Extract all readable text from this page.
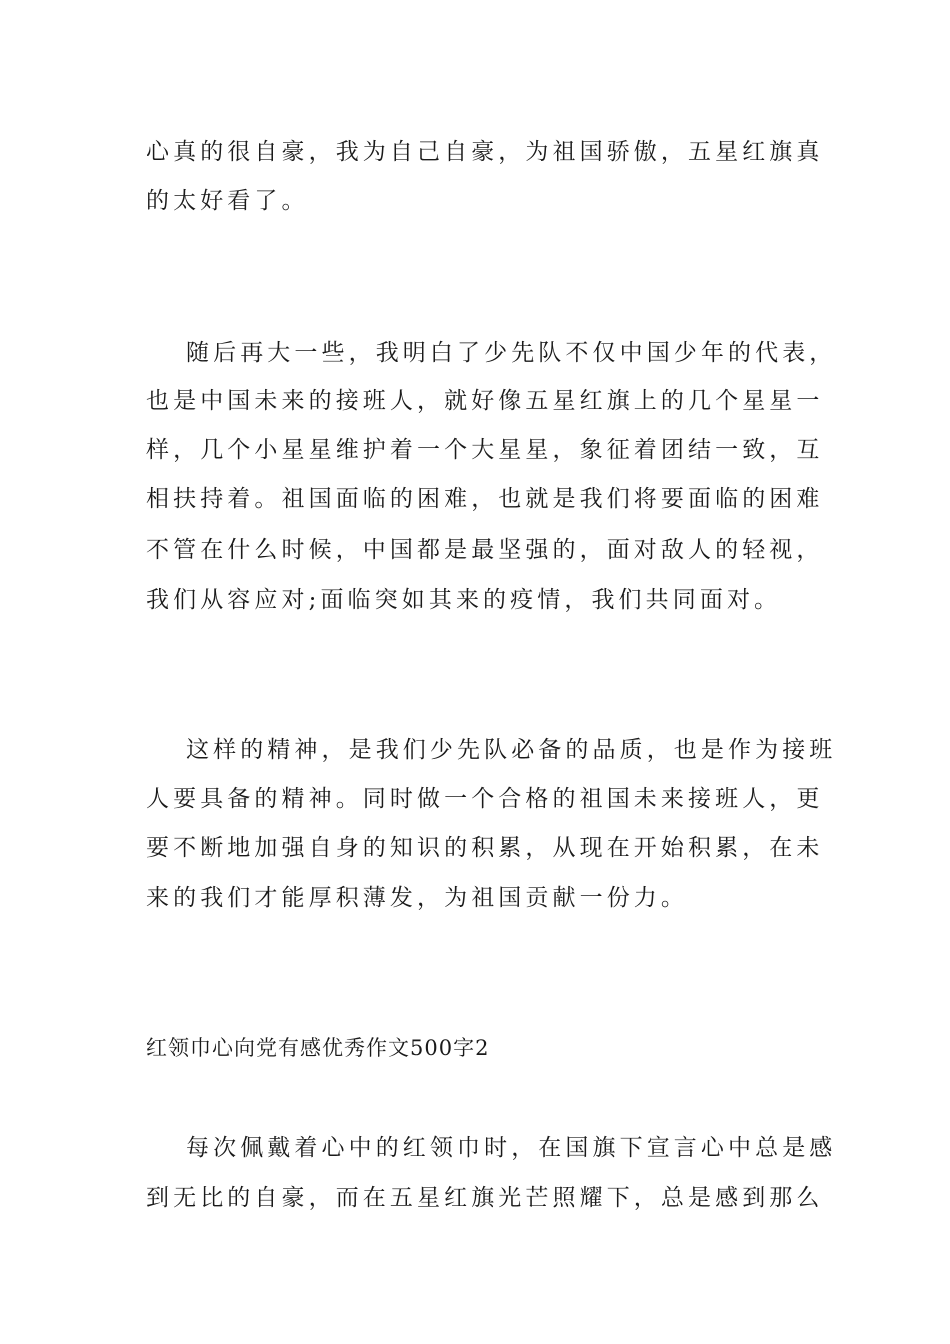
心真的很自豪，我为自己自豪，为祖国骄傲，五星红旗真
的太好看了。
随后再大一些，我明白了少先队不仅中国少年的代表，
也是中国未来的接班人，就好像五星红旗上的几个星星一
样，几个小星星维护着一个大星星，象征着团结一致，互
相扶持着。祖国面临的困难，也就是我们将要面临的困难
不管在什么时候，中国都是最坚强的，面对敌人的轻视，
我们从容应对;面临突如其来的疫情，我们共同面对。
这样的精神，是我们少先队必备的品质，也是作为接班
人要具备的精神。同时做一个合格的祖国未来接班人，更
要不断地加强自身的知识的积累，从现在开始积累，在未
来的我们才能厚积薄发，为祖国贡献一份力。
红领巾心向党有感优秀作文500字2
每次佩戴着心中的红领巾时，在国旗下宣言心中总是感
到无比的自豪，而在五星红旗光芒照耀下，总是感到那么
